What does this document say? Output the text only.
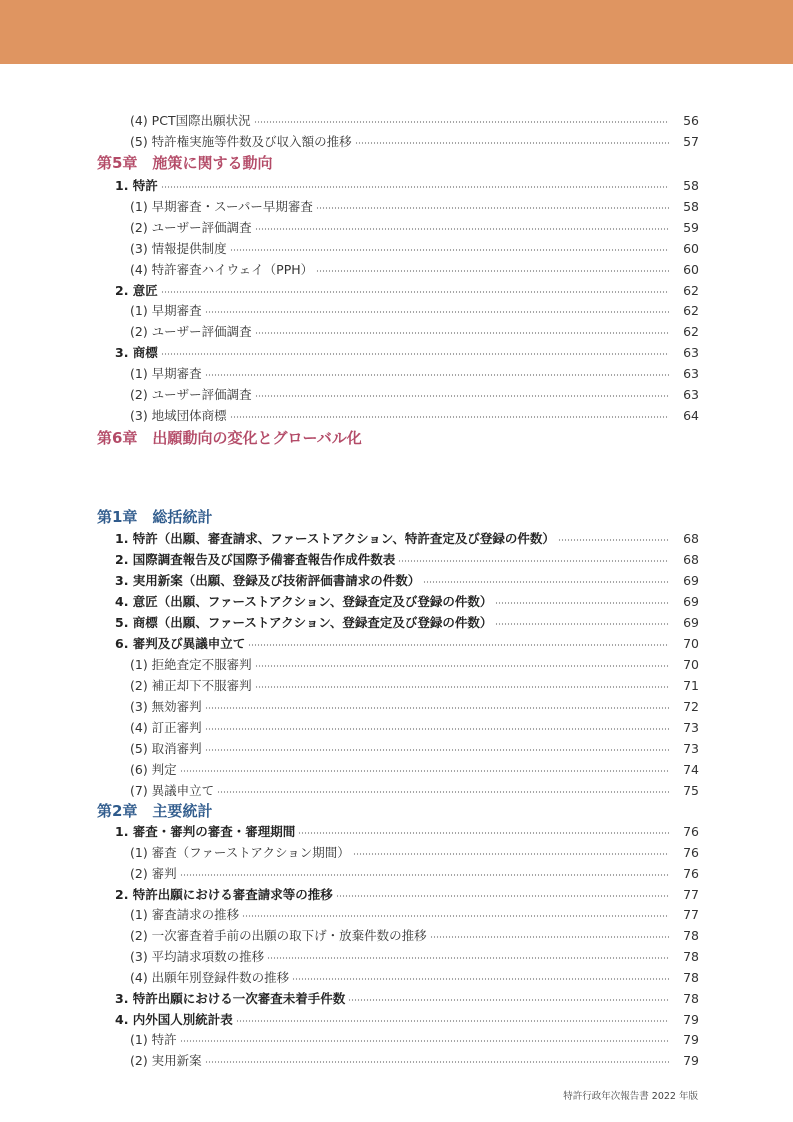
(4) PCT国際出願状況	56
(5) 特許権実施等件数及び収入額の推移	57
第5章　施策に関する動向
1. 特許	58
(1) 早期審査・スーパー早期審査	58
(2) ユーザー評価調査	59
(3) 情報提供制度	60
(4) 特許審査ハイウェイ（PPH）	60
2. 意匠	62
(1) 早期審査	62
(2) ユーザー評価調査	62
3. 商標	63
(1) 早期審査	63
(2) ユーザー評価調査	63
(3) 地域団体商標	64
第6章　出願動向の変化とグローバル化
第1章　総括統計
1. 特許（出願、審査請求、ファーストアクション、特許査定及び登録の件数）	68
2. 国際調査報告及び国際予備審査報告作成件数表	68
3. 実用新案（出願、登録及び技術評価書請求の件数）	69
4. 意匠（出願、ファーストアクション、登録査定及び登録の件数）	69
5. 商標（出願、ファーストアクション、登録査定及び登録の件数）	69
6. 審判及び異議申立て	70
(1) 拒絶査定不服審判	70
(2) 補正却下不服審判	71
(3) 無効審判	72
(4) 訂正審判	73
(5) 取消審判	73
(6) 判定	74
(7) 異議申立て	75
第2章　主要統計
1. 審査・審判の審査・審理期間	76
(1) 審査（ファーストアクション期間）	76
(2) 審判	76
2. 特許出願における審査請求等の推移	77
(1) 審査請求の推移	77
(2) 一次審査着手前の出願の取下げ・放棄件数の推移	78
(3) 平均請求項数の推移	78
(4) 出願年別登録件数の推移	78
3. 特許出願における一次審査未着手件数	78
4. 内外国人別統計表	79
(1) 特許	79
(2) 実用新案	79
特許行政年次報告書 2022 年版
